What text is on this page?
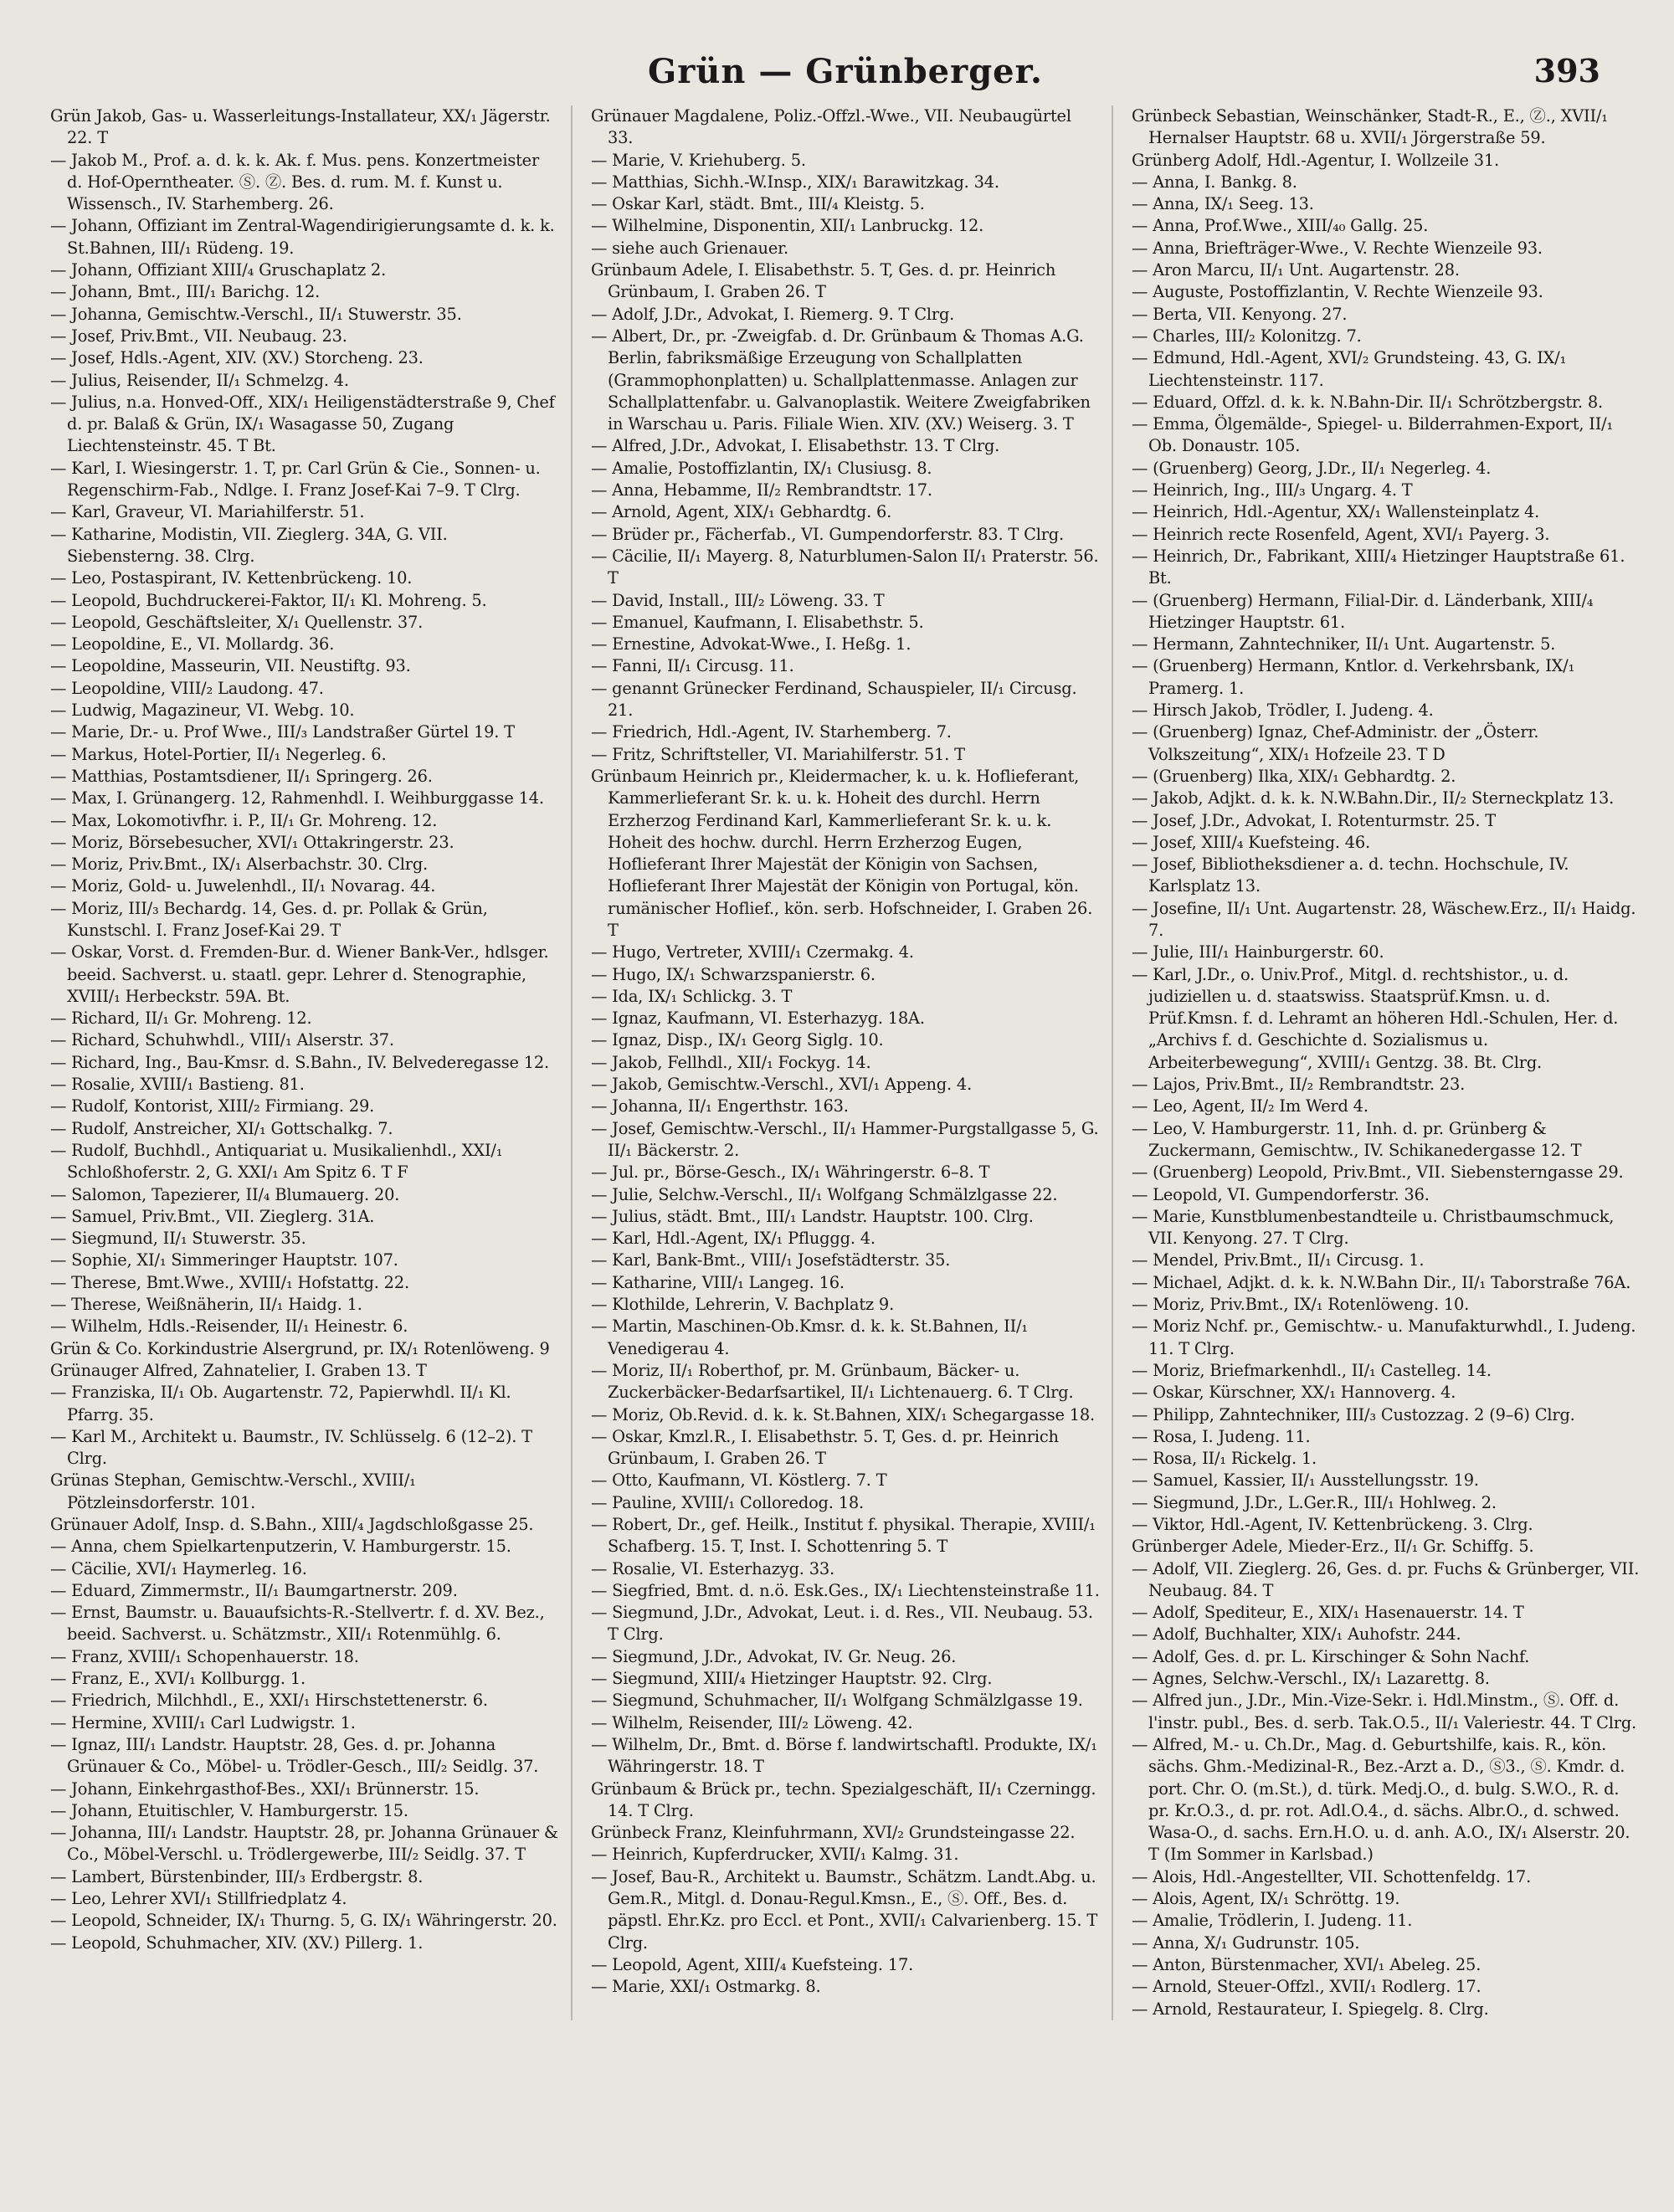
Grün — Grünberger.	393

Grün Jakob, Gas- u. Wasserleitungs-Installateur, XX/₁ Jägerstr. 22. T

— Jakob M., Prof. a. d. k. k. Ak. f. Mus. pens. Konzertmeister d. Hof-Operntheater. Ⓢ. Ⓩ. Bes. d. rum. M. f. Kunst u. Wissensch., IV. Starhemberg. 26.

— Johann, Offiziant im Zentral-Wagendirigierungsamte d. k. k. St.Bahnen, III/₁ Rüdeng. 19.

— Johann, Offiziant XIII/₄ Gruschaplatz 2.

— Johann, Bmt., III/₁ Barichg. 12.

— Johanna, Gemischtw.-Verschl., II/₁ Stuwerstr. 35.

— Josef, Priv.Bmt., VII. Neubaug. 23.

— Josef, Hdls.-Agent, XIV. (XV.) Storcheng. 23.

— Julius, Reisender, II/₁ Schmelzg. 4.

— Julius, n.a. Honved-Off., XIX/₁ Heiligenstädterstraße 9, Chef d. pr. Balaß & Grün, IX/₁ Wasagasse 50, Zugang Liechtensteinstr. 45. T Bt.

— Karl, I. Wiesingerstr. 1. T, pr. Carl Grün & Cie., Sonnen- u. Regenschirm-Fab., Ndlge. I. Franz Josef-Kai 7–9. T Clrg.

— Karl, Graveur, VI. Mariahilferstr. 51.

— Katharine, Modistin, VII. Zieglerg. 34A, G. VII. Siebensterng. 38. Clrg.

— Leo, Postaspirant, IV. Kettenbrückeng. 10.

— Leopold, Buchdruckerei-Faktor, II/₁ Kl. Mohreng. 5.

— Leopold, Geschäftsleiter, X/₁ Quellenstr. 37.

— Leopoldine, E., VI. Mollardg. 36.

— Leopoldine, Masseurin, VII. Neustiftg. 93.

— Leopoldine, VIII/₂ Laudong. 47.

— Ludwig, Magazineur, VI. Webg. 10.

— Marie, Dr.- u. Prof Wwe., III/₃ Landstraßer Gürtel 19. T

— Markus, Hotel-Portier, II/₁ Negerleg. 6.

— Matthias, Postamtsdiener, II/₁ Springerg. 26.

— Max, I. Grünangerg. 12, Rahmenhdl. I. Weihburggasse 14.

— Max, Lokomotivfhr. i. P., II/₁ Gr. Mohreng. 12.

— Moriz, Börsebesucher, XVI/₁ Ottakringerstr. 23.

— Moriz, Priv.Bmt., IX/₁ Alserbachstr. 30. Clrg.

— Moriz, Gold- u. Juwelenhdl., II/₁ Novarag. 44.

— Moriz, III/₃ Bechardg. 14, Ges. d. pr. Pollak & Grün, Kunstschl. I. Franz Josef-Kai 29. T

— Oskar, Vorst. d. Fremden-Bur. d. Wiener Bank-Ver., hdlsger. beeid. Sachverst. u. staatl. gepr. Lehrer d. Stenographie, XVIII/₁ Herbeckstr. 59A. Bt.

— Richard, II/₁ Gr. Mohreng. 12.

— Richard, Schuhwhdl., VIII/₁ Alserstr. 37.

— Richard, Ing., Bau-Kmsr. d. S.Bahn., IV. Belvederegasse 12.

— Rosalie, XVIII/₁ Bastieng. 81.

— Rudolf, Kontorist, XIII/₂ Firmiang. 29.

— Rudolf, Anstreicher, XI/₁ Gottschalkg. 7.

— Rudolf, Buchhdl., Antiquariat u. Musikalienhdl., XXI/₁ Schloßhoferstr. 2, G. XXI/₁ Am Spitz 6. T F

— Salomon, Tapezierer, II/₄ Blumauerg. 20.

— Samuel, Priv.Bmt., VII. Zieglerg. 31A.

— Siegmund, II/₁ Stuwerstr. 35.

— Sophie, XI/₁ Simmeringer Hauptstr. 107.

— Therese, Bmt.Wwe., XVIII/₁ Hofstattg. 22.

— Therese, Weißnäherin, II/₁ Haidg. 1.

— Wilhelm, Hdls.-Reisender, II/₁ Heinestr. 6.

Grün & Co. Korkindustrie Alsergrund, pr. IX/₁ Rotenlöweng. 9

Grünauger Alfred, Zahnatelier, I. Graben 13. T

— Franziska, II/₁ Ob. Augartenstr. 72, Papierwhdl. II/₁ Kl. Pfarrg. 35.

— Karl M., Architekt u. Baumstr., IV. Schlüsselg. 6 (12–2). T Clrg.

Grünas Stephan, Gemischtw.-Verschl., XVIII/₁ Pötzleinsdorferstr. 101.

Grünauer Adolf, Insp. d. S.Bahn., XIII/₄ Jagdschloßgasse 25.

— Anna, chem Spielkartenputzerin, V. Hamburgerstr. 15.

— Cäcilie, XVI/₁ Haymerleg. 16.

— Eduard, Zimmermstr., II/₁ Baumgartnerstr. 209.

— Ernst, Baumstr. u. Bauaufsichts-R.-Stellvertr. f. d. XV. Bez., beeid. Sachverst. u. Schätzmstr., XII/₁ Rotenmühlg. 6.

— Franz, XVIII/₁ Schopenhauerstr. 18.

— Franz, E., XVI/₁ Kollburgg. 1.

— Friedrich, Milchhdl., E., XXI/₁ Hirschstettenerstr. 6.

— Hermine, XVIII/₁ Carl Ludwigstr. 1.

— Ignaz, III/₁ Landstr. Hauptstr. 28, Ges. d. pr. Johanna Grünauer & Co., Möbel- u. Trödler-Gesch., III/₂ Seidlg. 37.

— Johann, Einkehrgasthof-Bes., XXI/₁ Brünnerstr. 15.

— Johann, Etuitischler, V. Hamburgerstr. 15.

— Johanna, III/₁ Landstr. Hauptstr. 28, pr. Johanna Grünauer & Co., Möbel-Verschl. u. Trödlergewerbe, III/₂ Seidlg. 37. T

— Lambert, Bürstenbinder, III/₃ Erdbergstr. 8.

— Leo, Lehrer XVI/₁ Stillfriedplatz 4.

— Leopold, Schneider, IX/₁ Thurng. 5, G. IX/₁ Währingerstr. 20.

— Leopold, Schuhmacher, XIV. (XV.) Pillerg. 1.

Grünauer Magdalene, Poliz.-Offzl.-Wwe., VII. Neubaugürtel 33.

— Marie, V. Kriehuberg. 5.

— Matthias, Sichh.-W.Insp., XIX/₁ Barawitzkag. 34.

— Oskar Karl, städt. Bmt., III/₄ Kleistg. 5.

— Wilhelmine, Disponentin, XII/₁ Lanbruckg. 12.

— siehe auch Grienauer.

Grünbaum Adele, I. Elisabethstr. 5. T, Ges. d. pr. Heinrich Grünbaum, I. Graben 26. T

— Adolf, J.Dr., Advokat, I. Riemerg. 9. T Clrg.

— Albert, Dr., pr. -Zweigfab. d. Dr. Grünbaum & Thomas A.G. Berlin, fabriksmäßige Erzeugung von Schallplatten (Grammophonplatten) u. Schallplattenmasse. Anlagen zur Schallplattenfabr. u. Galvanoplastik. Weitere Zweigfabriken in Warschau u. Paris. Filiale Wien. XIV. (XV.) Weiserg. 3. T

— Alfred, J.Dr., Advokat, I. Elisabethstr. 13. T Clrg.

— Amalie, Postoffizlantin, IX/₁ Clusiusg. 8.

— Anna, Hebamme, II/₂ Rembrandtstr. 17.

— Arnold, Agent, XIX/₁ Gebhardtg. 6.

— Brüder pr., Fächerfab., VI. Gumpendorferstr. 83. T Clrg.

— Cäcilie, II/₁ Mayerg. 8, Naturblumen-Salon II/₁ Praterstr. 56. T

— David, Install., III/₂ Löweng. 33. T

— Emanuel, Kaufmann, I. Elisabethstr. 5.

— Ernestine, Advokat-Wwe., I. Heßg. 1.

— Fanni, II/₁ Circusg. 11.

— genannt Grünecker Ferdinand, Schauspieler, II/₁ Circusg. 21.

— Friedrich, Hdl.-Agent, IV. Starhemberg. 7.

— Fritz, Schriftsteller, VI. Mariahilferstr. 51. T

Grünbaum Heinrich pr., Kleidermacher, k. u. k. Hoflieferant, Kammerlieferant Sr. k. u. k. Hoheit des durchl. Herrn Erzherzog Ferdinand Karl, Kammerlieferant Sr. k. u. k. Hoheit des hochw. durchl. Herrn Erzherzog Eugen, Hoflieferant Ihrer Majestät der Königin von Sachsen, Hoflieferant Ihrer Majestät der Königin von Portugal, kön. rumänischer Hoflief., kön. serb. Hofschneider, I. Graben 26. T

— Hugo, Vertreter, XVIII/₁ Czermakg. 4.

— Hugo, IX/₁ Schwarzspanierstr. 6.

— Ida, IX/₁ Schlickg. 3. T

— Ignaz, Kaufmann, VI. Esterhazyg. 18A.

— Ignaz, Disp., IX/₁ Georg Siglg. 10.

— Jakob, Fellhdl., XII/₁ Fockyg. 14.

— Jakob, Gemischtw.-Verschl., XVI/₁ Appeng. 4.

— Johanna, II/₁ Engerthstr. 163.

— Josef, Gemischtw.-Verschl., II/₁ Hammer-Purgstallgasse 5, G. II/₁ Bäckerstr. 2.

— Jul. pr., Börse-Gesch., IX/₁ Währingerstr. 6–8. T

— Julie, Selchw.-Verschl., II/₁ Wolfgang Schmälzlgasse 22.

— Julius, städt. Bmt., III/₁ Landstr. Hauptstr. 100. Clrg.

— Karl, Hdl.-Agent, IX/₁ Pfluggg. 4.

— Karl, Bank-Bmt., VIII/₁ Josefstädterstr. 35.

— Katharine, VIII/₁ Langeg. 16.

— Klothilde, Lehrerin, V. Bachplatz 9.

— Martin, Maschinen-Ob.Kmsr. d. k. k. St.Bahnen, II/₁ Venedigerau 4.

— Moriz, II/₁ Roberthof, pr. M. Grünbaum, Bäcker- u. Zuckerbäcker-Bedarfsartikel, II/₁ Lichtenauerg. 6. T Clrg.

— Moriz, Ob.Revid. d. k. k. St.Bahnen, XIX/₁ Schegargasse 18.

— Oskar, Kmzl.R., I. Elisabethstr. 5. T, Ges. d. pr. Heinrich Grünbaum, I. Graben 26. T

— Otto, Kaufmann, VI. Köstlerg. 7. T

— Pauline, XVIII/₁ Colloredog. 18.

— Robert, Dr., gef. Heilk., Institut f. physikal. Therapie, XVIII/₁ Schafberg. 15. T, Inst. I. Schottenring 5. T

— Rosalie, VI. Esterhazyg. 33.

— Siegfried, Bmt. d. n.ö. Esk.Ges., IX/₁ Liechtensteinstraße 11.

— Siegmund, J.Dr., Advokat, Leut. i. d. Res., VII. Neubaug. 53. T Clrg.

— Siegmund, J.Dr., Advokat, IV. Gr. Neug. 26.

— Siegmund, XIII/₄ Hietzinger Hauptstr. 92. Clrg.

— Siegmund, Schuhmacher, II/₁ Wolfgang Schmälzlgasse 19.

— Wilhelm, Reisender, III/₂ Löweng. 42.

— Wilhelm, Dr., Bmt. d. Börse f. landwirtschaftl. Produkte, IX/₁ Währingerstr. 18. T

Grünbaum & Brück pr., techn. Spezialgeschäft, II/₁ Czerningg. 14. T Clrg.

Grünbeck Franz, Kleinfuhrmann, XVI/₂ Grundsteingasse 22.

— Heinrich, Kupferdrucker, XVII/₁ Kalmg. 31.

— Josef, Bau-R., Architekt u. Baumstr., Schätzm. Landt.Abg. u. Gem.R., Mitgl. d. Donau-Regul.Kmsn., E., Ⓢ. Off., Bes. d. päpstl. Ehr.Kz. pro Eccl. et Pont., XVII/₁ Calvarienberg. 15. T Clrg.

— Leopold, Agent, XIII/₄ Kuefsteing. 17.

— Marie, XXI/₁ Ostmarkg. 8.

Grünbeck Sebastian, Weinschänker, Stadt-R., E., Ⓩ., XVII/₁ Hernalser Hauptstr. 68 u. XVII/₁ Jörgerstraße 59.

Grünberg Adolf, Hdl.-Agentur, I. Wollzeile 31.

— Anna, I. Bankg. 8.

— Anna, IX/₁ Seeg. 13.

— Anna, Prof.Wwe., XIII/₄₀ Gallg. 25.

— Anna, Briefträger-Wwe., V. Rechte Wienzeile 93.

— Aron Marcu, II/₁ Unt. Augartenstr. 28.

— Auguste, Postoffizlantin, V. Rechte Wienzeile 93.

— Berta, VII. Kenyong. 27.

— Charles, III/₂ Kolonitzg. 7.

— Edmund, Hdl.-Agent, XVI/₂ Grundsteing. 43, G. IX/₁ Liechtensteinstr. 117.

— Eduard, Offzl. d. k. k. N.Bahn-Dir. II/₁ Schrötzbergstr. 8.

— Emma, Ölgemälde-, Spiegel- u. Bilderrahmen-Export, II/₁ Ob. Donaustr. 105.

— (Gruenberg) Georg, J.Dr., II/₁ Negerleg. 4.

— Heinrich, Ing., III/₃ Ungarg. 4. T

— Heinrich, Hdl.-Agentur, XX/₁ Wallensteinplatz 4.

— Heinrich recte Rosenfeld, Agent, XVI/₁ Payerg. 3.

— Heinrich, Dr., Fabrikant, XIII/₄ Hietzinger Hauptstraße 61. Bt.

— (Gruenberg) Hermann, Filial-Dir. d. Länderbank, XIII/₄ Hietzinger Hauptstr. 61.

— Hermann, Zahntechniker, II/₁ Unt. Augartenstr. 5.

— (Gruenberg) Hermann, Kntlor. d. Verkehrsbank, IX/₁ Pramerg. 1.

— Hirsch Jakob, Trödler, I. Judeng. 4.

— (Gruenberg) Ignaz, Chef-Administr. der „Österr. Volkszeitung“, XIX/₁ Hofzeile 23. T D

— (Gruenberg) Ilka, XIX/₁ Gebhardtg. 2.

— Jakob, Adjkt. d. k. k. N.W.Bahn.Dir., II/₂ Sterneckplatz 13.

— Josef, J.Dr., Advokat, I. Rotenturmstr. 25. T

— Josef, XIII/₄ Kuefsteing. 46.

— Josef, Bibliotheksdiener a. d. techn. Hochschule, IV. Karlsplatz 13.

— Josefine, II/₁ Unt. Augartenstr. 28, Wäschew.Erz., II/₁ Haidg. 7.

— Julie, III/₁ Hainburgerstr. 60.

— Karl, J.Dr., o. Univ.Prof., Mitgl. d. rechtshistor., u. d. judiziellen u. d. staatswiss. Staatsprüf.Kmsn. u. d. Prüf.Kmsn. f. d. Lehramt an höheren Hdl.-Schulen, Her. d. „Archivs f. d. Geschichte d. Sozialismus u. Arbeiterbewegung“, XVIII/₁ Gentzg. 38. Bt. Clrg.

— Lajos, Priv.Bmt., II/₂ Rembrandtstr. 23.

— Leo, Agent, II/₂ Im Werd 4.

— Leo, V. Hamburgerstr. 11, Inh. d. pr. Grünberg & Zuckermann, Gemischtw., IV. Schikanedergasse 12. T

— (Gruenberg) Leopold, Priv.Bmt., VII. Siebensterngasse 29.

— Leopold, VI. Gumpendorferstr. 36.

— Marie, Kunstblumenbestandteile u. Christbaumschmuck, VII. Kenyong. 27. T Clrg.

— Mendel, Priv.Bmt., II/₁ Circusg. 1.

— Michael, Adjkt. d. k. k. N.W.Bahn Dir., II/₁ Taborstraße 76A.

— Moriz, Priv.Bmt., IX/₁ Rotenlöweng. 10.

— Moriz Nchf. pr., Gemischtw.- u. Manufakturwhdl., I. Judeng. 11. T Clrg.

— Moriz, Briefmarkenhdl., II/₁ Castelleg. 14.

— Oskar, Kürschner, XX/₁ Hannoverg. 4.

— Philipp, Zahntechniker, III/₃ Custozzag. 2 (9–6) Clrg.

— Rosa, I. Judeng. 11.

— Rosa, II/₁ Rickelg. 1.

— Samuel, Kassier, II/₁ Ausstellungsstr. 19.

— Siegmund, J.Dr., L.Ger.R., III/₁ Hohlweg. 2.

— Viktor, Hdl.-Agent, IV. Kettenbrückeng. 3. Clrg.

Grünberger Adele, Mieder-Erz., II/₁ Gr. Schiffg. 5.

— Adolf, VII. Zieglerg. 26, Ges. d. pr. Fuchs & Grünberger, VII. Neubaug. 84. T

— Adolf, Spediteur, E., XIX/₁ Hasenauerstr. 14. T

— Adolf, Buchhalter, XIX/₁ Auhofstr. 244.

— Adolf, Ges. d. pr. L. Kirschinger & Sohn Nachf.

— Agnes, Selchw.-Verschl., IX/₁ Lazarettg. 8.

— Alfred jun., J.Dr., Min.-Vize-Sekr. i. Hdl.Minstm., Ⓢ. Off. d. l'instr. publ., Bes. d. serb. Tak.O.5., II/₁ Valeriestr. 44. T Clrg.

— Alfred, M.- u. Ch.Dr., Mag. d. Geburtshilfe, kais. R., kön. sächs. Ghm.-Medizinal-R., Bez.-Arzt a. D., Ⓢ3., Ⓢ. Kmdr. d. port. Chr. O. (m.St.), d. türk. Medj.O., d. bulg. S.W.O., R. d. pr. Kr.O.3., d. pr. rot. Adl.O.4., d. sächs. Albr.O., d. schwed. Wasa-O., d. sachs. Ern.H.O. u. d. anh. A.O., IX/₁ Alserstr. 20. T (Im Sommer in Karlsbad.)

— Alois, Hdl.-Angestellter, VII. Schottenfeldg. 17.

— Alois, Agent, IX/₁ Schröttg. 19.

— Amalie, Trödlerin, I. Judeng. 11.

— Anna, X/₁ Gudrunstr. 105.

— Anton, Bürstenmacher, XVI/₁ Abeleg. 25.

— Arnold, Steuer-Offzl., XVII/₁ Rodlerg. 17.

— Arnold, Restaurateur, I. Spiegelg. 8. Clrg.
